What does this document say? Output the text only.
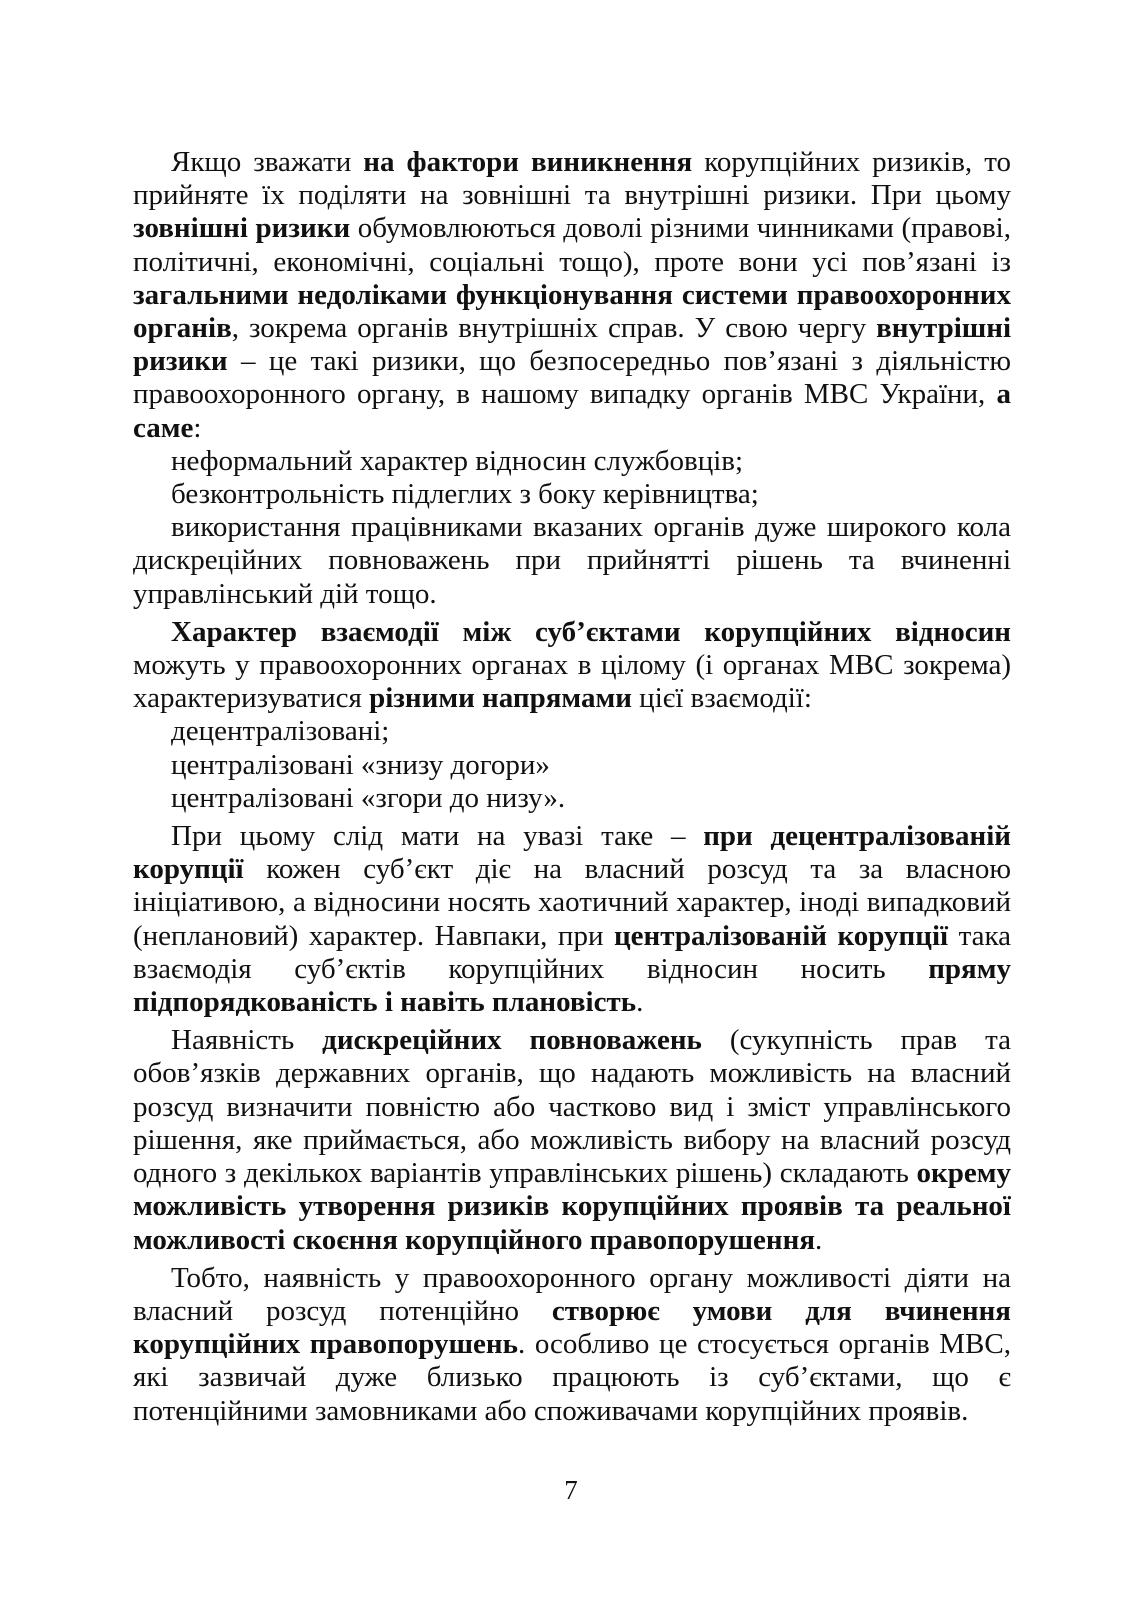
Якщо зважати на фактори виникнення корупційних ризиків, то прийняте їх поділяти на зовнішні та внутрішні ризики. При цьому зовнішні ризики обумовлюються доволі різними чинниками (правові, політичні, економічні, соціальні тощо), проте вони усі пов’язані із загальними недоліками функціонування системи правоохоронних органів, зокрема органів внутрішніх справ. У свою чергу внутрішні ризики – це такі ризики, що безпосередньо пов’язані з діяльністю правоохоронного органу, в нашому випадку органів МВС України, а саме:

неформальний характер відносин службовців;

безконтрольність підлеглих з боку керівництва;

використання працівниками вказаних органів дуже широкого кола дискреційних повноважень при прийнятті рішень та вчиненні управлінський дій тощо.

Характер взаємодії між суб’єктами корупційних відносин можуть у правоохоронних органах в цілому (і органах МВС зокрема) характеризуватися різними напрямами цієї взаємодії:

децентралізовані;

централізовані «знизу догори»

централізовані «згори до низу».

При цьому слід мати на увазі таке – при децентралізованій корупції кожен суб’єкт діє на власний розсуд та за власною ініціативою, а відносини носять хаотичний характер, іноді випадковий (неплановий) характер. Навпаки, при централізованій корупції така взаємодія суб’єктів корупційних відносин носить пряму підпорядкованість і навіть плановість.

Наявність дискреційних повноважень (сукупність прав та обов’язків державних органів, що надають можливість на власний розсуд визначити повністю або частково вид і зміст управлінського рішення, яке приймається, або можливість вибору на власний розсуд одного з декількох варіантів управлінських рішень) складають окрему можливість утворення ризиків корупційних проявів та реальної можливості скоєння корупційного правопорушення.

Тобто, наявність у правоохоронного органу можливості діяти на власний розсуд потенційно створює умови для вчинення корупційних правопорушень. особливо це стосується органів МВС, які зазвичай дуже близько працюють із суб’єктами, що є потенційними замовниками або споживачами корупційних проявів.

7
